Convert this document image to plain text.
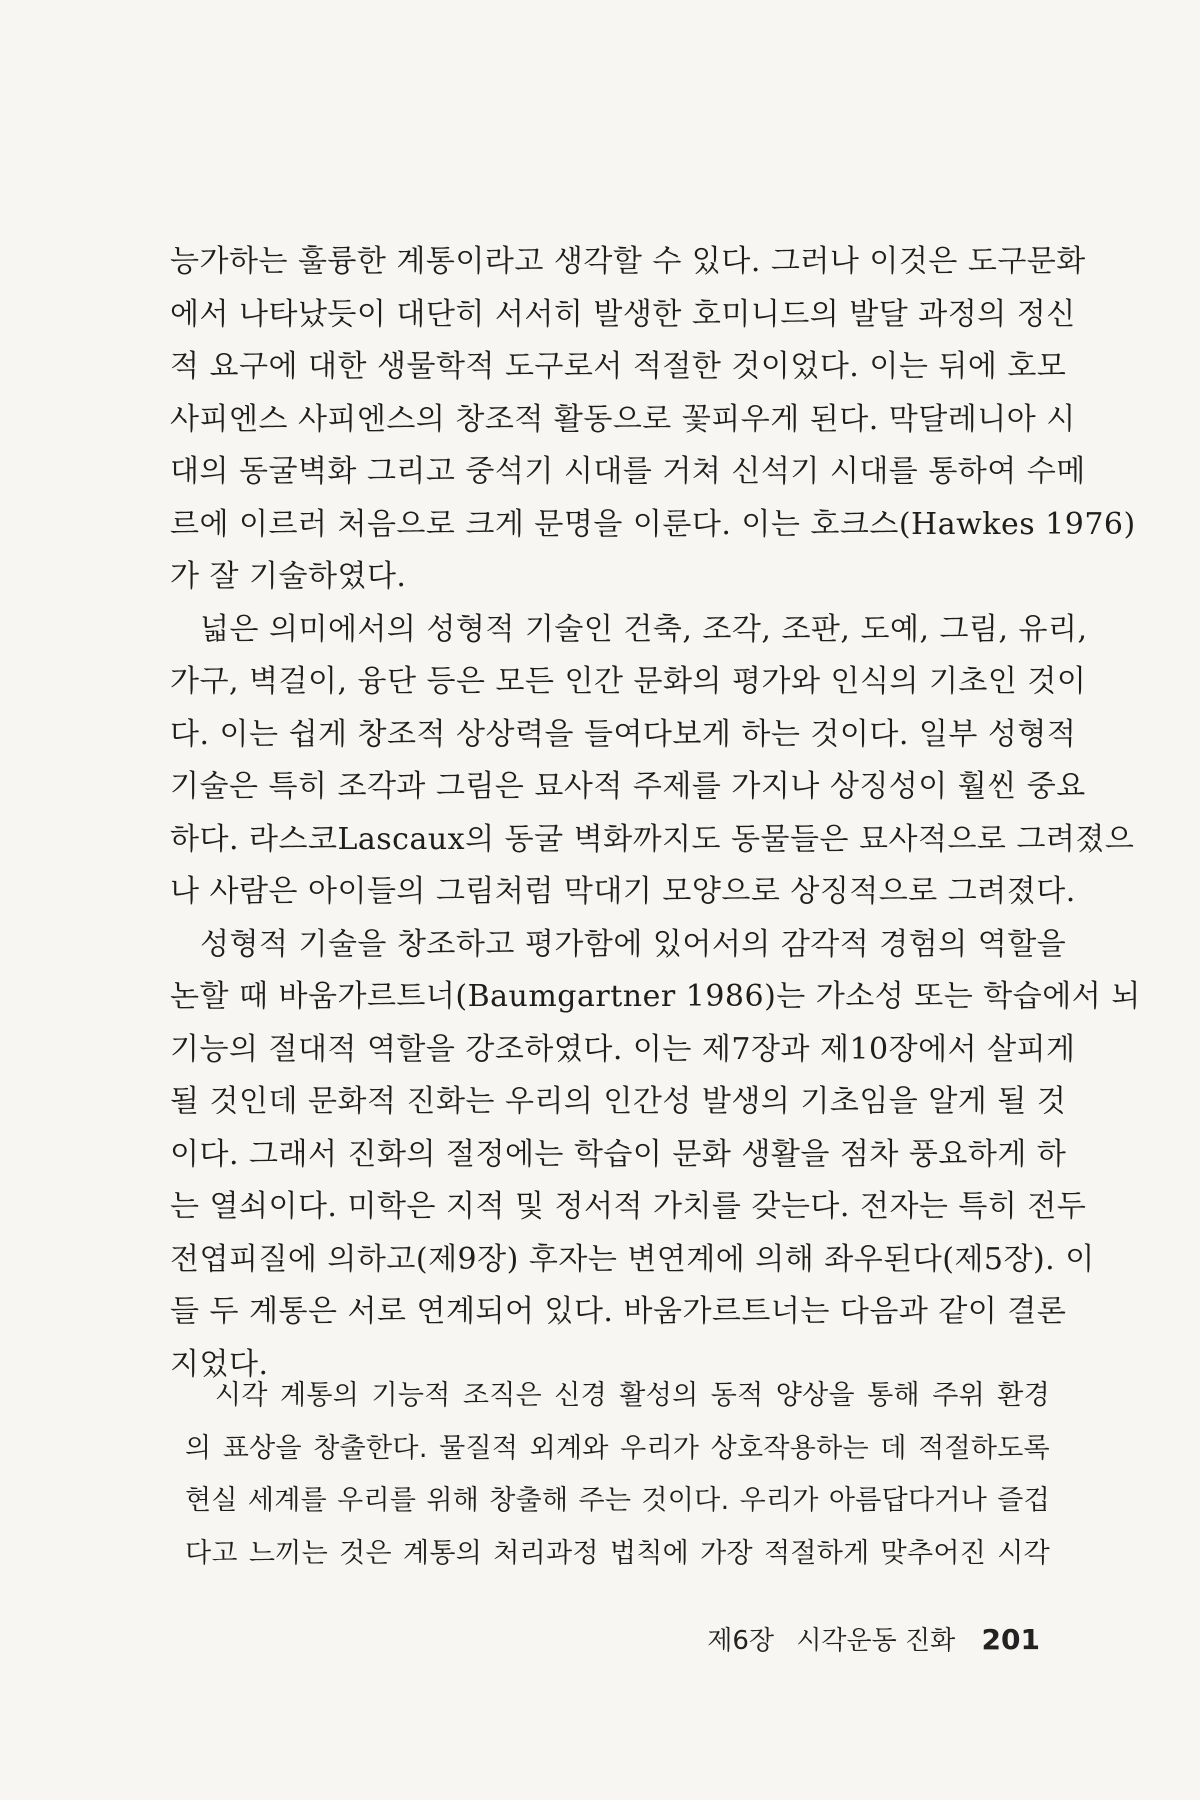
능가하는 훌륭한 계통이라고 생각할 수 있다. 그러나 이것은 도구문화
에서 나타났듯이 대단히 서서히 발생한 호미니드의 발달 과정의 정신
적 요구에 대한 생물학적 도구로서 적절한 것이었다. 이는 뒤에 호모
사피엔스 사피엔스의 창조적 활동으로 꽃피우게 된다. 막달레니아 시
대의 동굴벽화 그리고 중석기 시대를 거쳐 신석기 시대를 통하여 수메
르에 이르러 처음으로 크게 문명을 이룬다. 이는 호크스(Hawkes 1976)
가 잘 기술하였다.
넓은 의미에서의 성형적 기술인 건축, 조각, 조판, 도예, 그림, 유리,
가구, 벽걸이, 융단 등은 모든 인간 문화의 평가와 인식의 기초인 것이
다. 이는 쉽게 창조적 상상력을 들여다보게 하는 것이다. 일부 성형적
기술은 특히 조각과 그림은 묘사적 주제를 가지나 상징성이 훨씬 중요
하다. 라스코Lascaux의 동굴 벽화까지도 동물들은 묘사적으로 그려졌으
나 사람은 아이들의 그림처럼 막대기 모양으로 상징적으로 그려졌다.
성형적 기술을 창조하고 평가함에 있어서의 감각적 경험의 역할을
논할 때 바움가르트너(Baumgartner 1986)는 가소성 또는 학습에서 뇌
기능의 절대적 역할을 강조하였다. 이는 제7장과 제10장에서 살피게
될 것인데 문화적 진화는 우리의 인간성 발생의 기초임을 알게 될 것
이다. 그래서 진화의 절정에는 학습이 문화 생활을 점차 풍요하게 하
는 열쇠이다. 미학은 지적 및 정서적 가치를 갖는다. 전자는 특히 전두
전엽피질에 의하고(제9장) 후자는 변연계에 의해 좌우된다(제5장). 이
들 두 계통은 서로 연계되어 있다. 바움가르트너는 다음과 같이 결론
지었다.
시각 계통의 기능적 조직은 신경 활성의 동적 양상을 통해 주위 환경
의 표상을 창출한다. 물질적 외계와 우리가 상호작용하는 데 적절하도록
현실 세계를 우리를 위해 창출해 주는 것이다. 우리가 아름답다거나 즐겁
다고 느끼는 것은 계통의 처리과정 법칙에 가장 적절하게 맞추어진 시각
제6장 시각운동 진화 201
